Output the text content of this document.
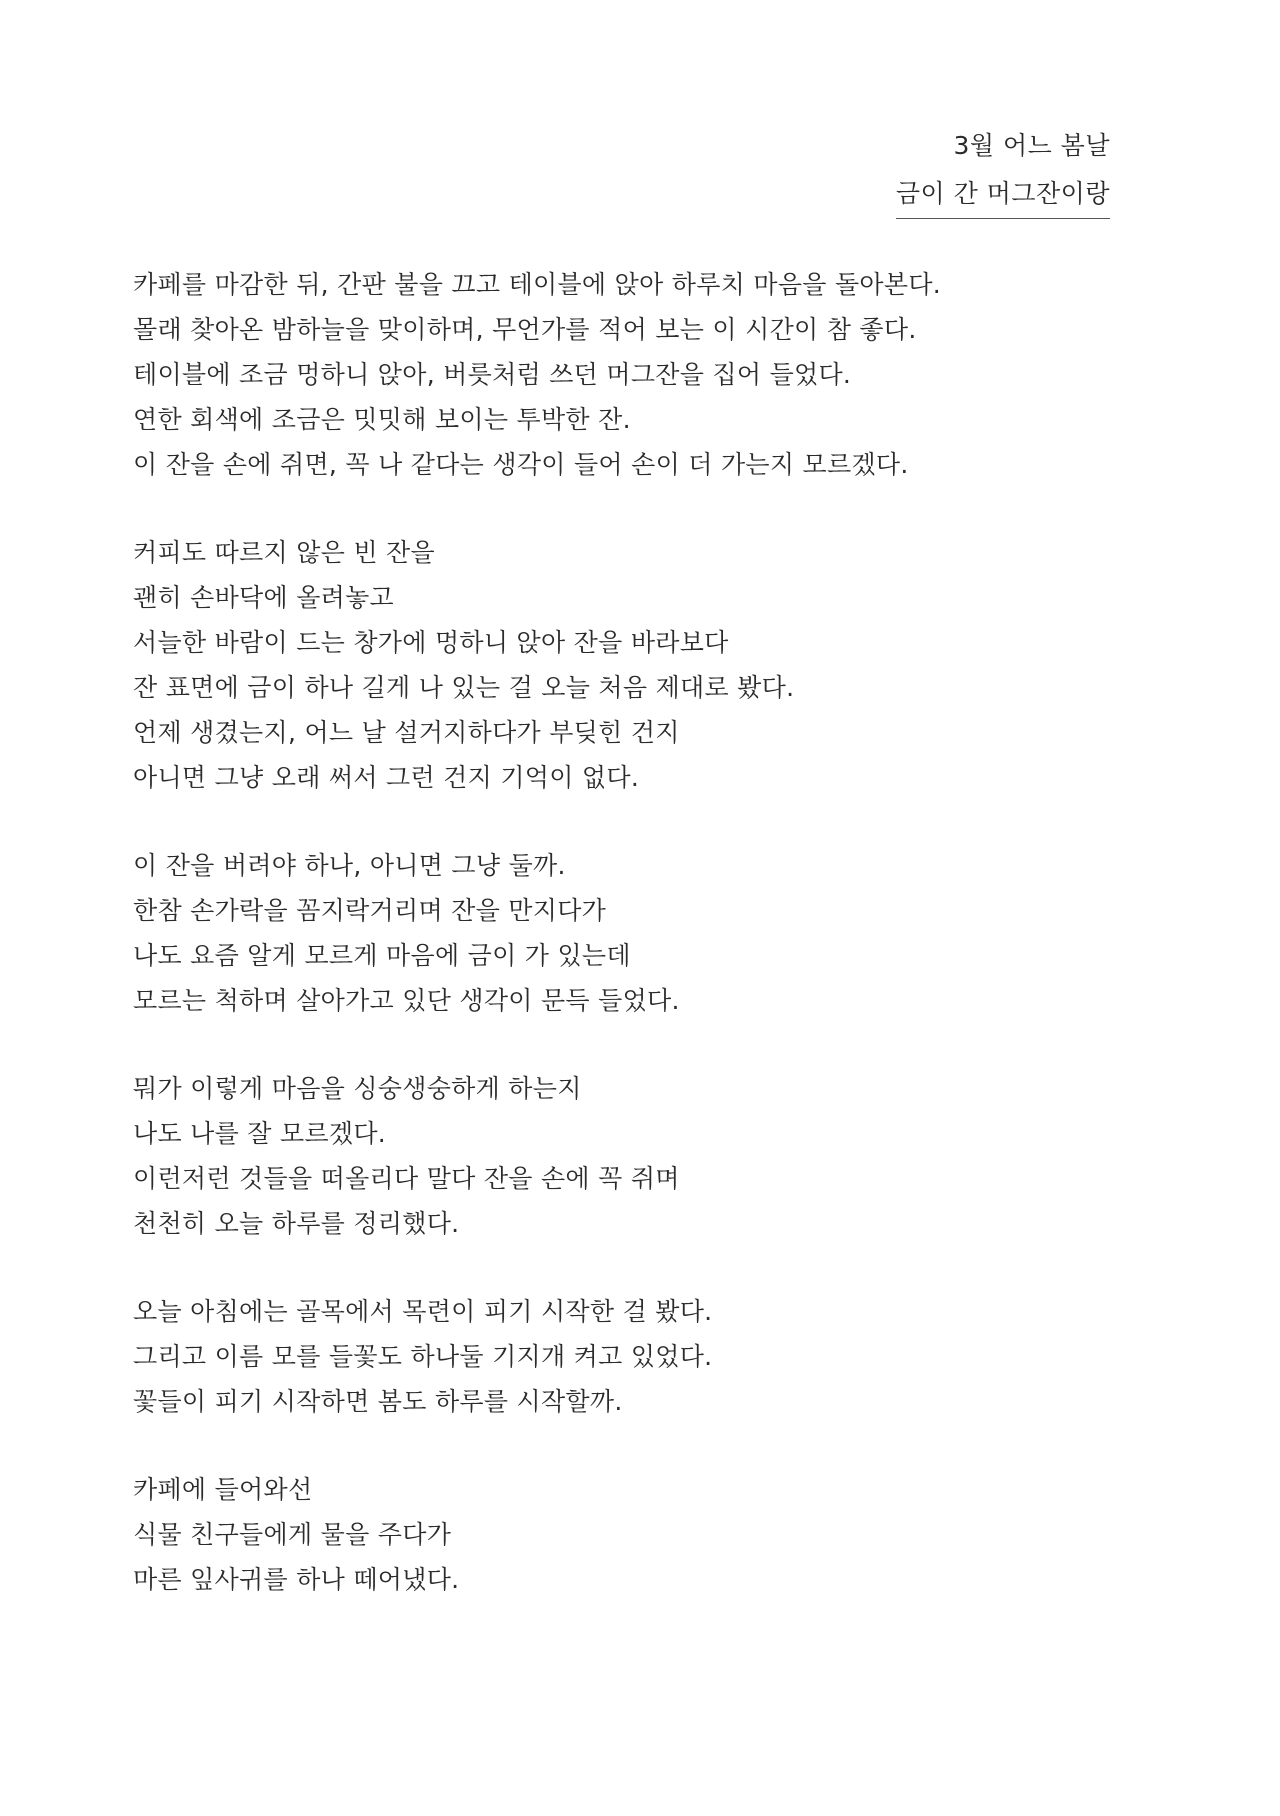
3월 어느 봄날
금이 간 머그잔이랑
카페를 마감한 뒤, 간판 불을 끄고 테이블에 앉아 하루치 마음을 돌아본다.
몰래 찾아온 밤하늘을 맞이하며, 무언가를 적어 보는 이 시간이 참 좋다.
테이블에 조금 멍하니 앉아, 버릇처럼 쓰던 머그잔을 집어 들었다.
연한 회색에 조금은 밋밋해 보이는 투박한 잔.
이 잔을 손에 쥐면, 꼭 나 같다는 생각이 들어 손이 더 가는지 모르겠다.
커피도 따르지 않은 빈 잔을
괜히 손바닥에 올려놓고
서늘한 바람이 드는 창가에 멍하니 앉아 잔을 바라보다
잔 표면에 금이 하나 길게 나 있는 걸 오늘 처음 제대로 봤다.
언제 생겼는지, 어느 날 설거지하다가 부딪힌 건지
아니면 그냥 오래 써서 그런 건지 기억이 없다.
이 잔을 버려야 하나, 아니면 그냥 둘까.
한참 손가락을 꼼지락거리며 잔을 만지다가
나도 요즘 알게 모르게 마음에 금이 가 있는데
모르는 척하며 살아가고 있단 생각이 문득 들었다.
뭐가 이렇게 마음을 싱숭생숭하게 하는지
나도 나를 잘 모르겠다.
이런저런 것들을 떠올리다 말다 잔을 손에 꼭 쥐며
천천히 오늘 하루를 정리했다.
오늘 아침에는 골목에서 목련이 피기 시작한 걸 봤다.
그리고 이름 모를 들꽃도 하나둘 기지개 켜고 있었다.
꽃들이 피기 시작하면 봄도 하루를 시작할까.
카페에 들어와선
식물 친구들에게 물을 주다가
마른 잎사귀를 하나 떼어냈다.
